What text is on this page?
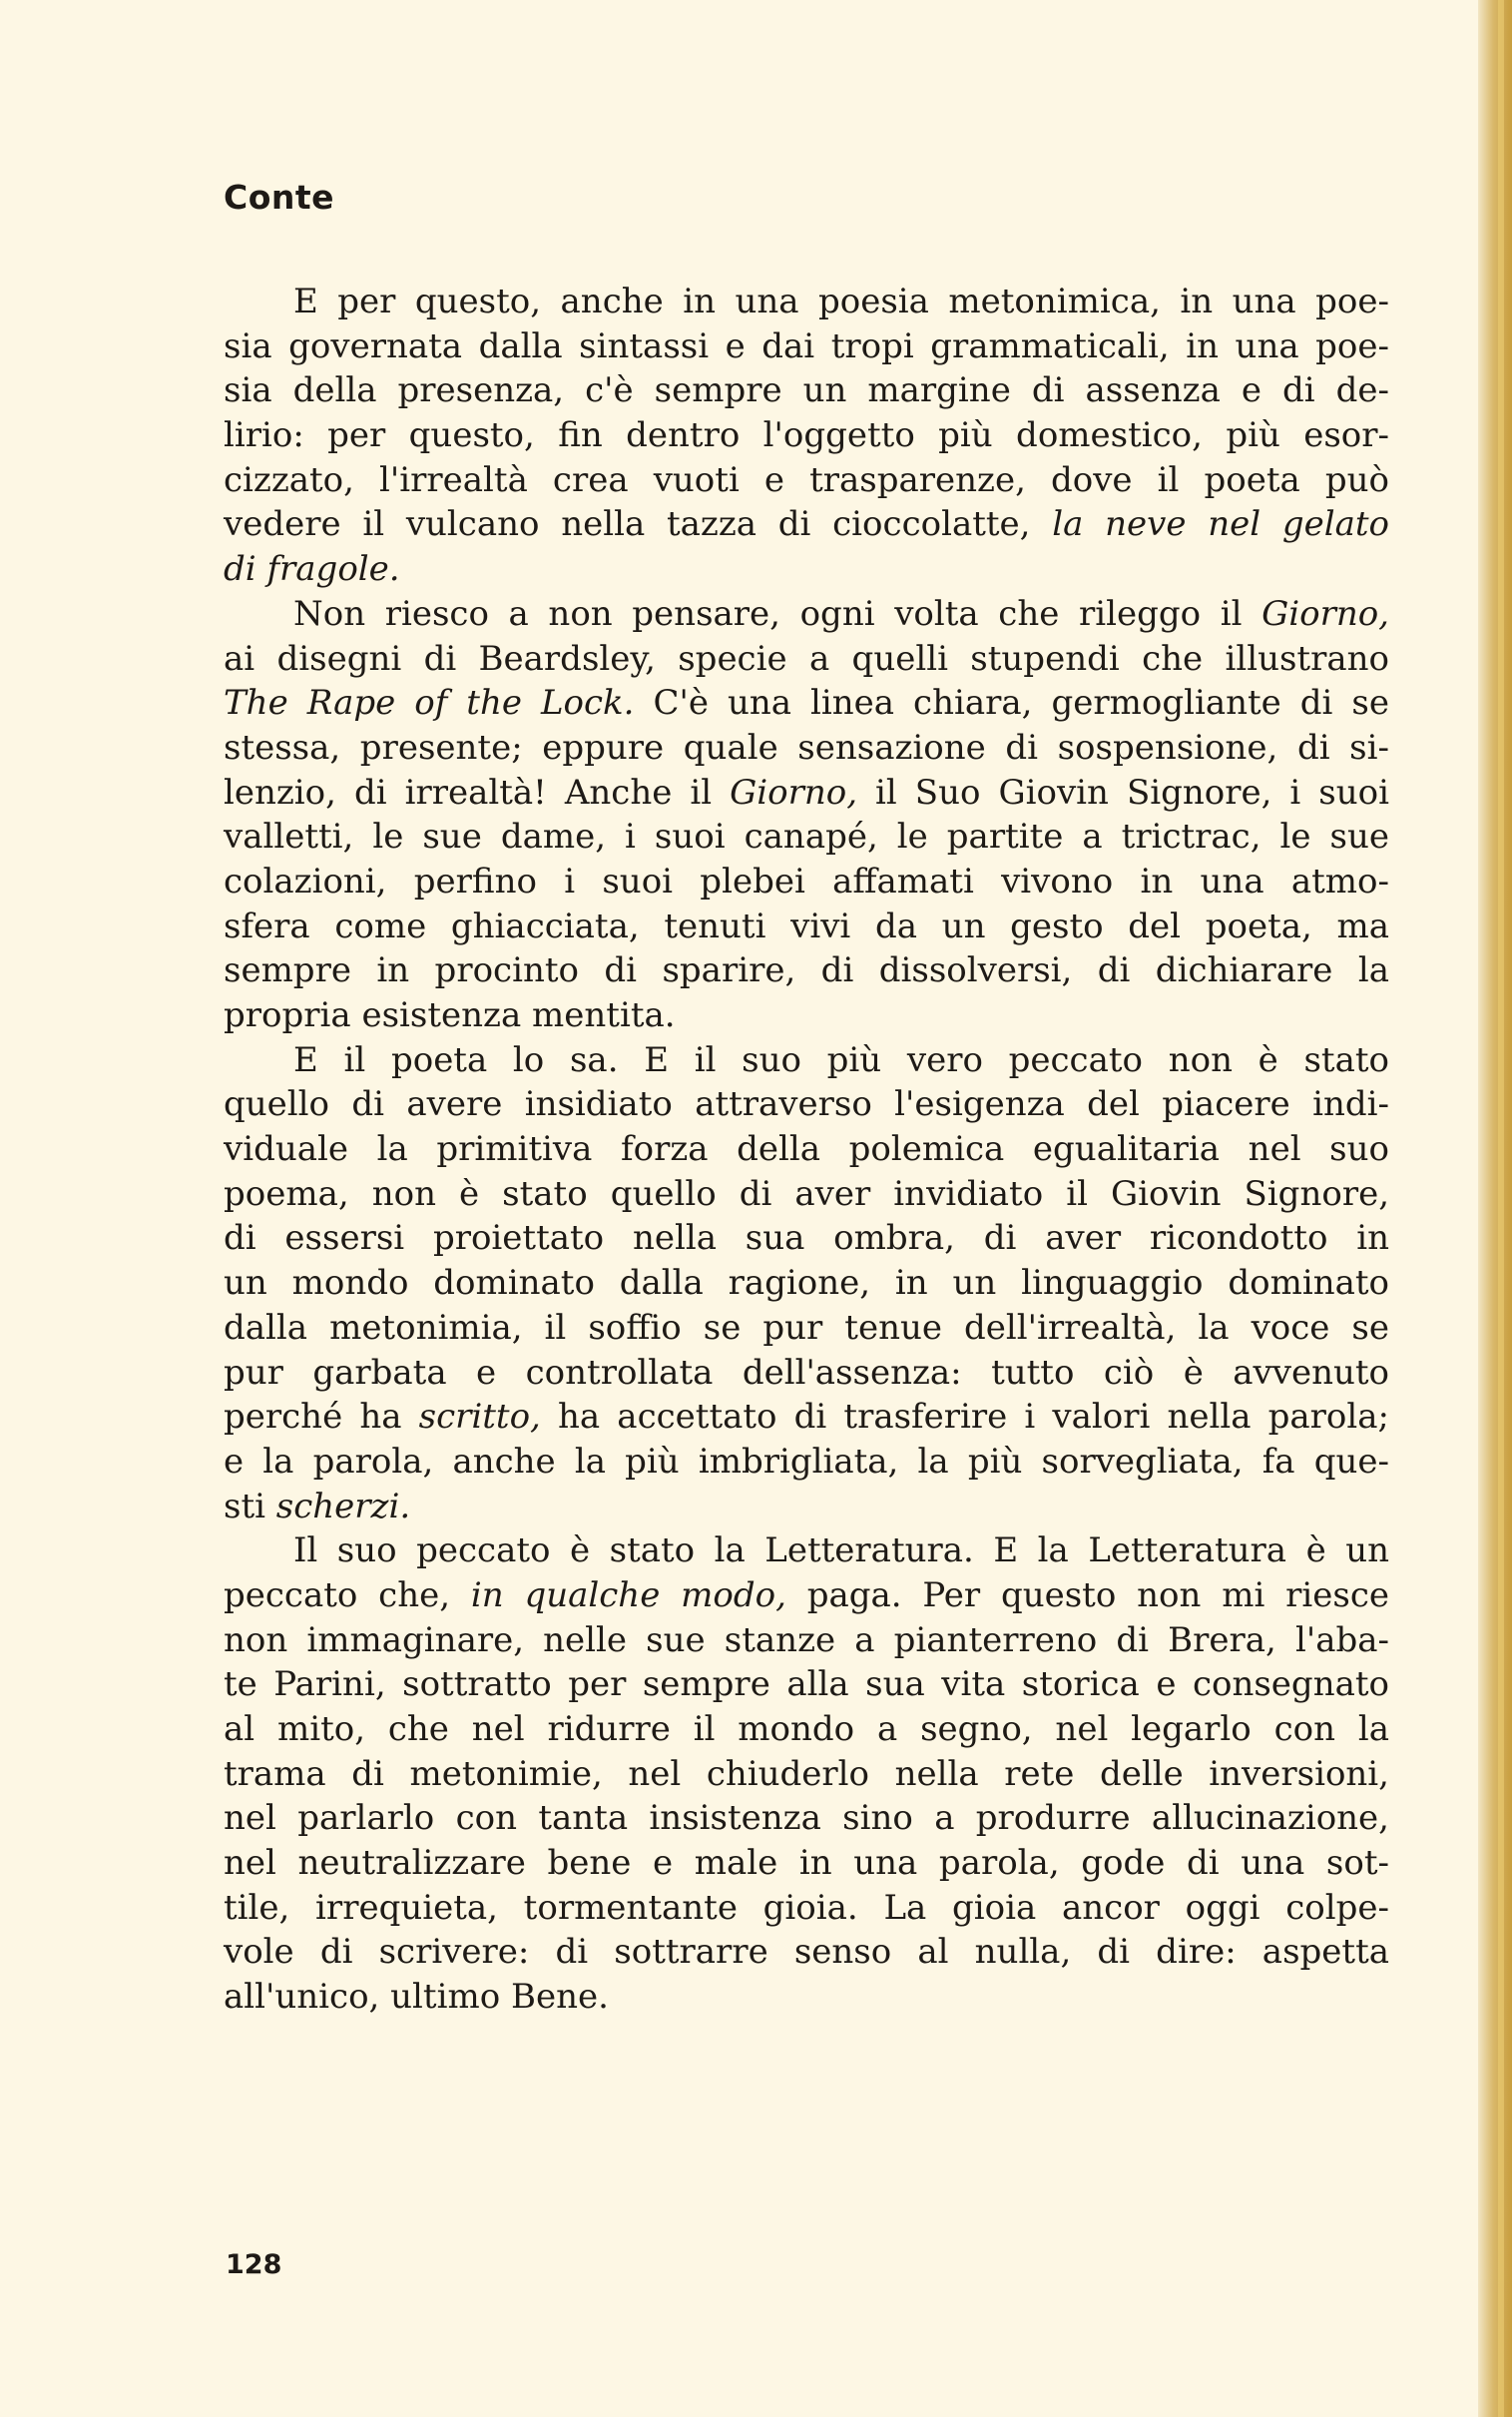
Conte
E per questo, anche in una poesia metonimica, in una poe-
sia governata dalla sintassi e dai tropi grammaticali, in una poe-
sia della presenza, c'è sempre un margine di assenza e di de-
lirio: per questo, fin dentro l'oggetto più domestico, più esor-
cizzato, l'irrealtà crea vuoti e trasparenze, dove il poeta può
vedere il vulcano nella tazza di cioccolatte, la neve nel gelato
di fragole.
Non riesco a non pensare, ogni volta che rileggo il Giorno,
ai disegni di Beardsley, specie a quelli stupendi che illustrano
The Rape of the Lock. C'è una linea chiara, germogliante di se
stessa, presente; eppure quale sensazione di sospensione, di si-
lenzio, di irrealtà! Anche il Giorno, il Suo Giovin Signore, i suoi
valletti, le sue dame, i suoi canapé, le partite a trictrac, le sue
colazioni, perfino i suoi plebei affamati vivono in una atmo-
sfera come ghiacciata, tenuti vivi da un gesto del poeta, ma
sempre in procinto di sparire, di dissolversi, di dichiarare la
propria esistenza mentita.
E il poeta lo sa. E il suo più vero peccato non è stato
quello di avere insidiato attraverso l'esigenza del piacere indi-
viduale la primitiva forza della polemica egualitaria nel suo
poema, non è stato quello di aver invidiato il Giovin Signore,
di essersi proiettato nella sua ombra, di aver ricondotto in
un mondo dominato dalla ragione, in un linguaggio dominato
dalla metonimia, il soffio se pur tenue dell'irrealtà, la voce se
pur garbata e controllata dell'assenza: tutto ciò è avvenuto
perché ha scritto, ha accettato di trasferire i valori nella parola;
e la parola, anche la più imbrigliata, la più sorvegliata, fa que-
sti scherzi.
Il suo peccato è stato la Letteratura. E la Letteratura è un
peccato che, in qualche modo, paga. Per questo non mi riesce
non immaginare, nelle sue stanze a pianterreno di Brera, l'aba-
te Parini, sottratto per sempre alla sua vita storica e consegnato
al mito, che nel ridurre il mondo a segno, nel legarlo con la
trama di metonimie, nel chiuderlo nella rete delle inversioni,
nel parlarlo con tanta insistenza sino a produrre allucinazione,
nel neutralizzare bene e male in una parola, gode di una sot-
tile, irrequieta, tormentante gioia. La gioia ancor oggi colpe-
vole di scrivere: di sottrarre senso al nulla, di dire: aspetta
all'unico, ultimo Bene.

128
